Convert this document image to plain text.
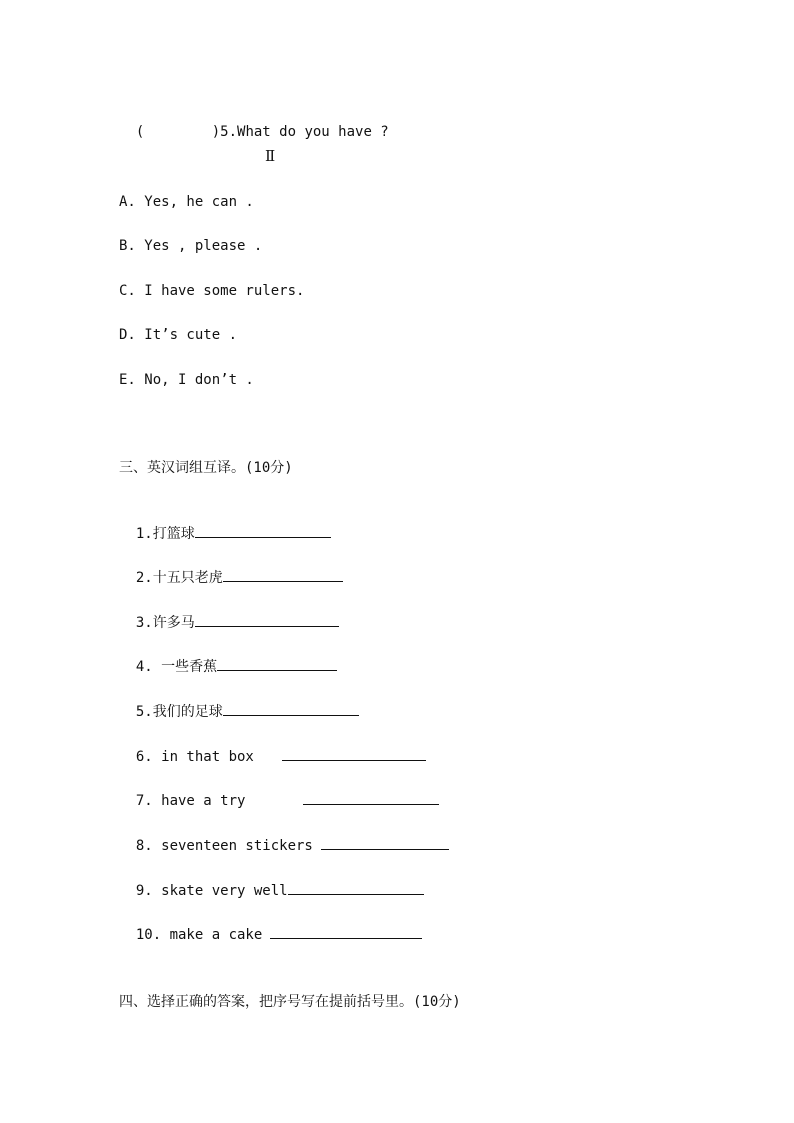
(        )5.What do you have ?

Ⅱ
A. Yes, he can .
B. Yes , please .
C. I have some rulers.
D. It’s cute .
E. No, I don’t .
三、英汉词组互译。(10分)

1.打篮球

2.十五只老虎

3.许多马

4. 一些香蕉

5.我们的足球

6. in that box

7. have a try

8. seventeen stickers

9. skate very well

10. make a cake

四、选择正确的答案，把序号写在提前括号里。(10分)
